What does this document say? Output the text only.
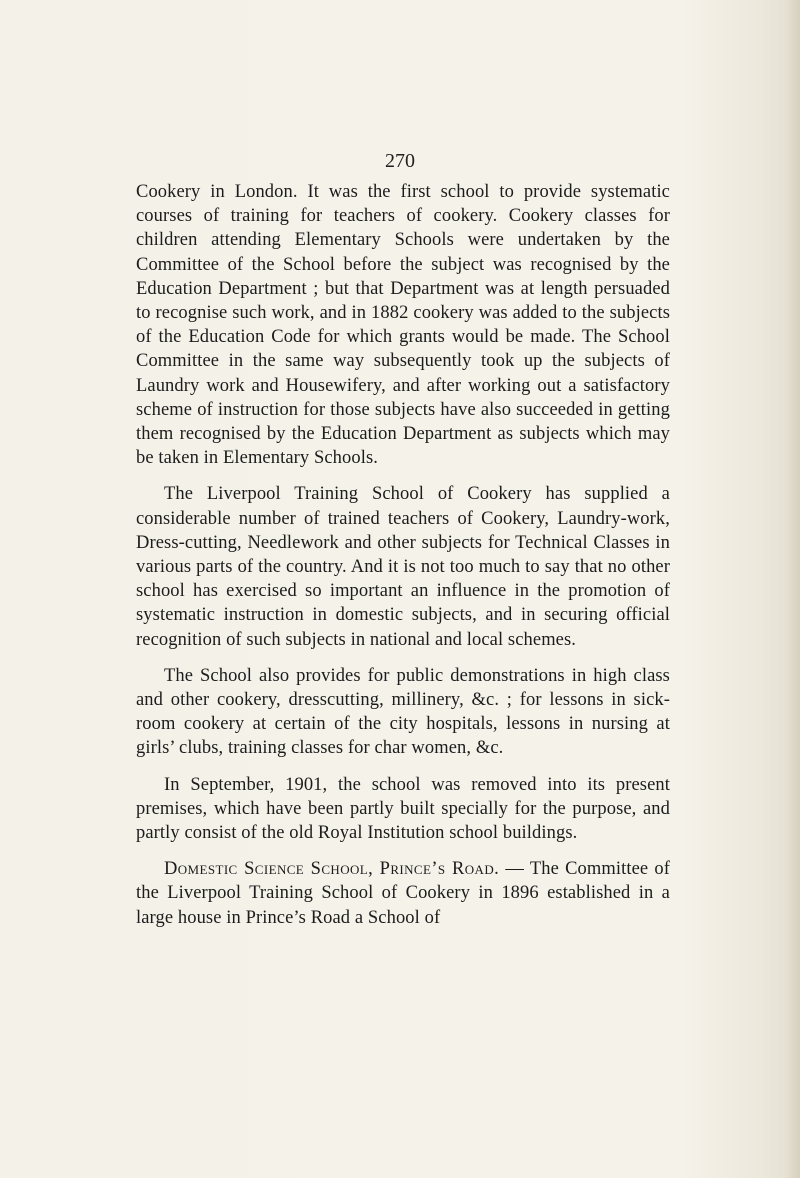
270

Cookery in London. It was the first school to provide systematic courses of training for teachers of cookery. Cookery classes for children attending Elementary Schools were undertaken by the Committee of the School before the subject was recognised by the Education Department ; but that Department was at length persuaded to recognise such work, and in 1882 cookery was added to the subjects of the Education Code for which grants would be made. The School Committee in the same way subsequently took up the subjects of Laundry work and Housewifery, and after working out a satisfactory scheme of instruction for those subjects have also succeeded in getting them recognised by the Education Department as subjects which may be taken in Elementary Schools.

The Liverpool Training School of Cookery has supplied a considerable number of trained teachers of Cookery, Laundry-work, Dress-cutting, Needlework and other subjects for Technical Classes in various parts of the country. And it is not too much to say that no other school has exercised so important an influence in the promotion of systematic instruction in domestic subjects, and in securing official recognition of such subjects in national and local schemes.

The School also provides for public demonstrations in high class and other cookery, dresscutting, millinery, &c. ; for lessons in sick-room cookery at certain of the city hospitals, lessons in nursing at girls’ clubs, training classes for char women, &c.

In September, 1901, the school was removed into its present premises, which have been partly built specially for the purpose, and partly consist of the old Royal Institution school buildings.

Domestic Science School, Prince’s Road. — The Committee of the Liverpool Training School of Cookery in 1896 established in a large house in Prince’s Road a School of
